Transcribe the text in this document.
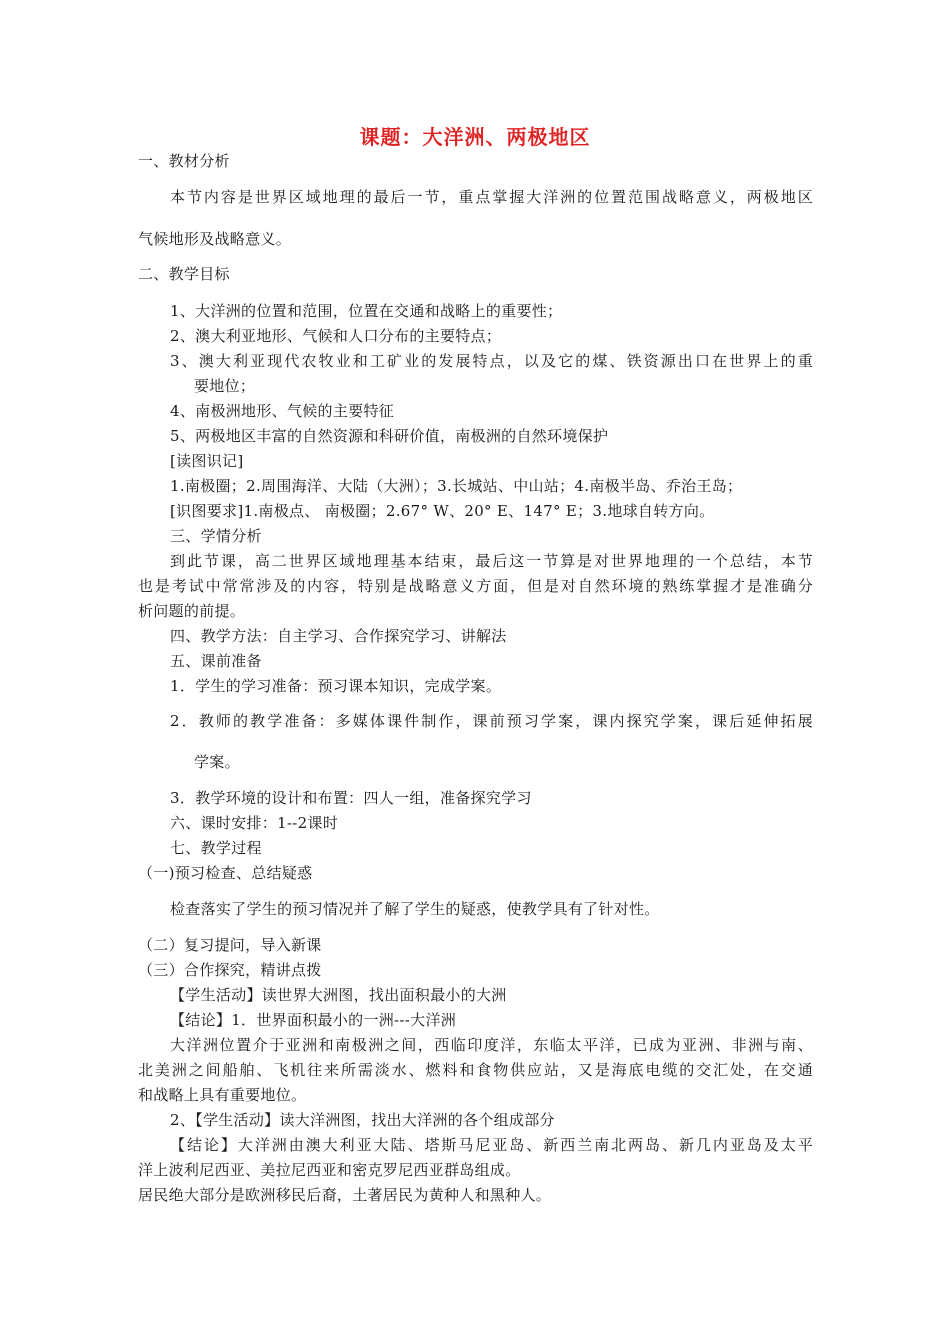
课题：大洋洲、两极地区
一、教材分析
本节内容是世界区域地理的最后一节，重点掌握大洋洲的位置范围战略意义，两极地区
气候地形及战略意义。
二、教学目标
1、大洋洲的位置和范围，位置在交通和战略上的重要性；
2、澳大利亚地形、气候和人口分布的主要特点；
3、澳大利亚现代农牧业和工矿业的发展特点，以及它的煤、铁资源出口在世界上的重
要地位；
4、南极洲地形、气候的主要特征
5、两极地区丰富的自然资源和科研价值，南极洲的自然环境保护
[读图识记]
1.南极圈；2.周围海洋、大陆（大洲）；3.长城站、中山站；4.南极半岛、乔治王岛；
[识图要求]1.南极点、 南极圈；2.67° W、20° E、147° E；3.地球自转方向。
三、学情分析
到此节课，高二世界区域地理基本结束，最后这一节算是对世界地理的一个总结，本节
也是考试中常常涉及的内容，特别是战略意义方面，但是对自然环境的熟练掌握才是准确分
析问题的前提。
四、教学方法：自主学习、合作探究学习、讲解法
五、课前准备
1．学生的学习准备：预习课本知识，完成学案。
2．教师的教学准备：多媒体课件制作，课前预习学案，课内探究学案，课后延伸拓展
学案。
3．教学环境的设计和布置：四人一组，准备探究学习
六、课时安排：1--2课时
七、教学过程
（一)预习检查、总结疑惑
检查落实了学生的预习情况并了解了学生的疑惑，使教学具有了针对性。
（二）复习提问，导入新课
（三）合作探究，精讲点拨
【学生活动】读世界大洲图，找出面积最小的大洲
【结论】1．世界面积最小的一洲---大洋洲
大洋洲位置介于亚洲和南极洲之间，西临印度洋，东临太平洋，已成为亚洲、非洲与南、
北美洲之间船舶、飞机往来所需淡水、燃料和食物供应站，又是海底电缆的交汇处，在交通
和战略上具有重要地位。
2、【学生活动】读大洋洲图，找出大洋洲的各个组成部分
【结论】大洋洲由澳大利亚大陆、塔斯马尼亚岛、新西兰南北两岛、新几内亚岛及太平
洋上波利尼西亚、美拉尼西亚和密克罗尼西亚群岛组成。
居民绝大部分是欧洲移民后裔，土著居民为黄种人和黑种人。
